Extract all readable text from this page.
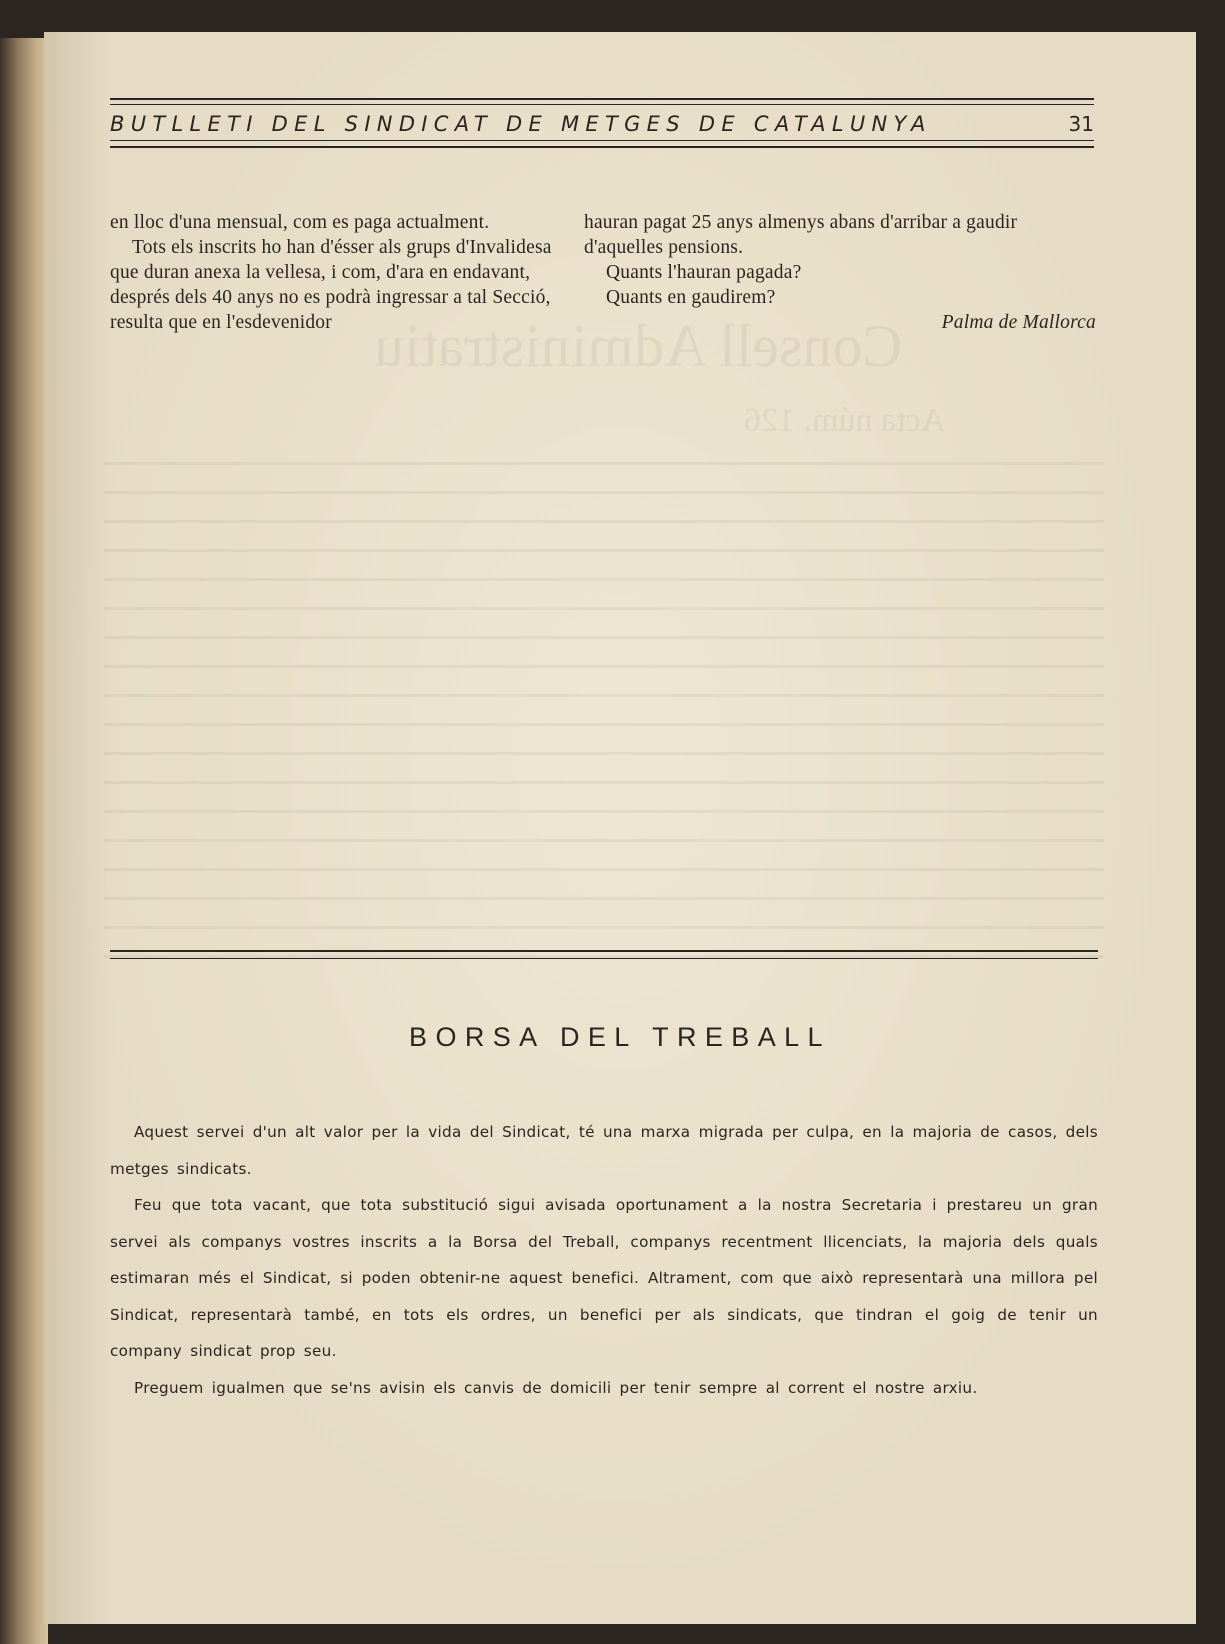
Consell Administratiu
Acta núm. 126
BUTLLETI DEL SINDICAT DE METGES DE CATALUNYA	31

en lloc d'una mensual, com es paga actualment.

Tots els inscrits ho han d'ésser als grups d'Invalidesa que duran anexa la vellesa, i com, d'ara en endavant, després dels 40 anys no es podrà ingressar a tal Secció, resulta que en l'esdevenidor

hauran pagat 25 anys almenys abans d'arribar a gaudir d'aquelles pensions.

Quants l'hauran pagada?

Quants en gaudirem?

Palma de Mallorca

BORSA DEL TREBALL

Aquest servei d'un alt valor per la vida del Sindicat, té una marxa migrada per culpa, en la majoria de casos, dels metges sindicats.

Feu que tota vacant, que tota substitució sigui avisada oportunament a la nostra Secretaria i prestareu un gran servei als companys vostres inscrits a la Borsa del Treball, companys recentment llicenciats, la majoria dels quals estimaran més el Sindicat, si poden obtenir-ne aquest benefici. Altrament, com que això representarà una millora pel Sindicat, representarà també, en tots els ordres, un benefici per als sindicats, que tindran el goig de tenir un company sindicat prop seu.

Preguem igualmen que se'ns avisin els canvis de domicili per tenir sempre al corrent el nostre arxiu.
